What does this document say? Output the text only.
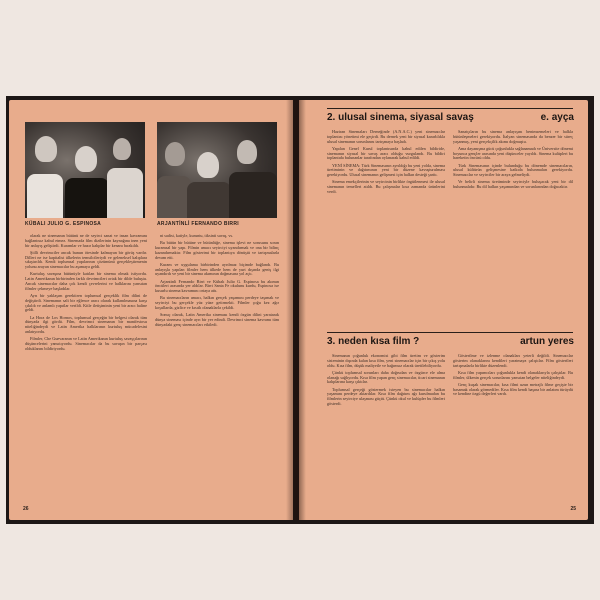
KÜBALI JULIO G. ESPINOSA	ARJANTİNLİ FERNANDO BIRRI

olarak ne sinemanın bütünü ne de seyirci sanat ve insan kavramını bağlantısız kabul etmez. Sinemada film dizilerinin kaynağına inen yeni bir anlayış geliştirdi. Kuramlar ve hazır kalıplar bir kenara bırakıldı.

Şiilli devrimciler ancak bunun ötesinde kalmayan bir görüş vardır. Dilleri ne ise kapitalist ülkelerin temsilcileriydi ve geleneksel kalıplara sıkıştırıldı. Kendi toplumsal yapılarının çözümünü gerçekleştirmenin yolunu arayan sinemacılar bu aşamaya geldi.

Kurtuluş savaşına bütünüyle katılan bir sinema olmak istiyordu. Latin Amerikanın birbirinden farklı devrimcileri ortak bir dilde buluştu. Ancak sinemacılar daha çok kendi çevrelerini ve halklarını yansıtan filmler çekmeye başladılar.

Ayrı bir yaklaşım gerektiren toplumsal gerçeklik film dilini de değiştirdi. Sinemanın salt bir eğlence aracı olarak kullanılmasına karşı çıkıldı ve anlamlı yapıtlar verildi. Kitle iletişiminin yeni bir aracı haline geldi.

La Hora de Los Hornos, toplumsal gerçeğin bir belgesi olarak tüm dünyada ilgi gördü. Film, devrimci sinemanın bir manifestosu niteliğindeydi ve Latin Amerika halklarının kurtuluş mücadelesini anlatıyordu.

Filmler, Che Guevaranın ve Latin Amerikanın kurtuluş savaşçılarının düşüncelerini yansıtıyordu. Sinemacılar da bu savaşın bir parçası olduklarını bildiriyordu.

ni sadist, katiyle, kuruntu, tiksinti savaş, vs.

Bu bütün bir bütüne ve bütünlüğe, sinema işlevi ne sorusunu soran kuramsal bir yapı. Filmin amacı seyirciyi uyandırmak ve ona bir bilinç kazandırmaktır. Film gösterimi bir toplantıya dönüştü ve tartışmalarla devam etti.

Kuram ve uygulama birbirinden ayrılmaz biçimde bağlandı. Bu anlayışla yapılan filmler hem ülkede hem de yurt dışında geniş ilgi uyandırdı ve yeni bir sinema akımının doğmasına yol açtı.

Arjantinli Fernando Birri ve Kübalı Julio G. Espinosa bu akımın öncüleri arasında yer aldılar. Birri Santa Fe okulunu kurdu, Espinosa ise kusurlu sinema kavramını ortaya attı.

Bu sinemacıların amacı, halkın gerçek yaşamını perdeye taşımak ve seyirciyi bu gerçekle yüz yüze getirmekti. Filmler çoğu kez ağır koşullarda, gizlice ve kısıtlı olanaklarla çekildi.

Sonuç olarak, Latin Amerika sineması kendi özgün dilini yaratarak dünya sineması içinde ayrı bir yer edindi. Devrimci sinema kavramı tüm dünyadaki genç sinemacıları etkiledi.

26
2. ulusal sinema, siyasal savaş	e. ayça

Haziran Sinemaları Derneğinde (A.N.A.C.) yeni sinemacılar toplantısı yönetimi ele geçirdi. Bu dernek yeni bir siyasal kararlılıkla ulusal sinemanın sorunlarını tartışmaya başladı.

Yapılan Genel Kurul toplantısında kabul edilen bildiride, sinemanın siyasal bir savaş aracı olduğu vurgulandı. Bu bildiri toplantıda bulunanlar tarafından oylanarak kabul edildi.

YENİ SİNEMA: Türk Sinemasının ayrıldığı bu yeni yolda, sinema üretiminin ve dağıtımının yeni bir düzene kavuşturulması gerekiyordu. Ulusal sinemanın gelişmesi için halkın desteği şarttı.

Sinema emekçilerinin ve seyircinin birlikte örgütlenmesi ile ulusal sinemanın temelleri atıldı. Bu çalışmalar kısa zamanda ürünlerini verdi.

Sanatçıların bu sinema anlayışını benimsemeleri ve halkla bütünleşmeleri gerekiyordu. İtalyan sinemasında da benzer bir süreç yaşanmış, yeni gerçekçilik akımı doğmuştu.

Ama dayanışma gücü çoğunlukla sağlanamadı ve Üniversite dönemi boyunca gençler arasında yeni düşünceler yayıldı. Sinema kulüpleri bu hareketin öncüsü oldu.

Türk Sinemasının içinde bulunduğu bu dönemde sinemacıların, ulusal kültürün gelişmesine katkıda bulunmaları gerekiyordu. Sinemacılar ve seyirciler bir araya gelmeliydi.

Ve belirli sinema üretiminde seyirciyle buluşacak yeni bir dil bulunmalıdır. Bu dil halkın yaşamından ve sorunlarından doğacaktır.

3. neden kısa film ?	artun yeres

Sinemanın çoğunluk ekonomisi gibi film üretim ve gösterim sisteminin dışında kalan kısa film, yeni sinemacılar için bir çıkış yolu oldu. Kısa film, düşük maliyetle ve bağımsız olarak üretilebiliyordu.

Çünkü toplumsal sorunları daha doğrudan ve özgürce ele alma olanağı sağlıyordu. Kısa film yapan genç sinemacılar, ticari sinemanın kalıplarına karşı çıktılar.

Toplumsal gerçeği göstermek isteyen bu sinemacılar halkın yaşamını perdeye aktardılar. Kısa film dağıtım ağı kurulmadan bu filmlerin seyirciye ulaşması güçtü. Çünkü okul ve kulüpler bu filmleri gösterdi.

Gösterilme ve izlenme olanakları yeterli değildi. Sinemacılar gösterim olanaklarını kendileri yaratmaya çalıştılar. Film gösterileri tartışmalarla birlikte düzenlendi.

Kısa film yapımcıları çoğunlukla kendi olanaklarıyla çalıştılar. Bu filmler, ülkenin gerçek sorunlarını yansıtan belgeler niteliğindeydi.

Genç kuşak sinemacılar, kısa filmi uzun metrajlı filme geçişte bir basamak olarak görmediler. Kısa film kendi başına bir anlatım türüydü ve kendine özgü değerleri vardı.

25
